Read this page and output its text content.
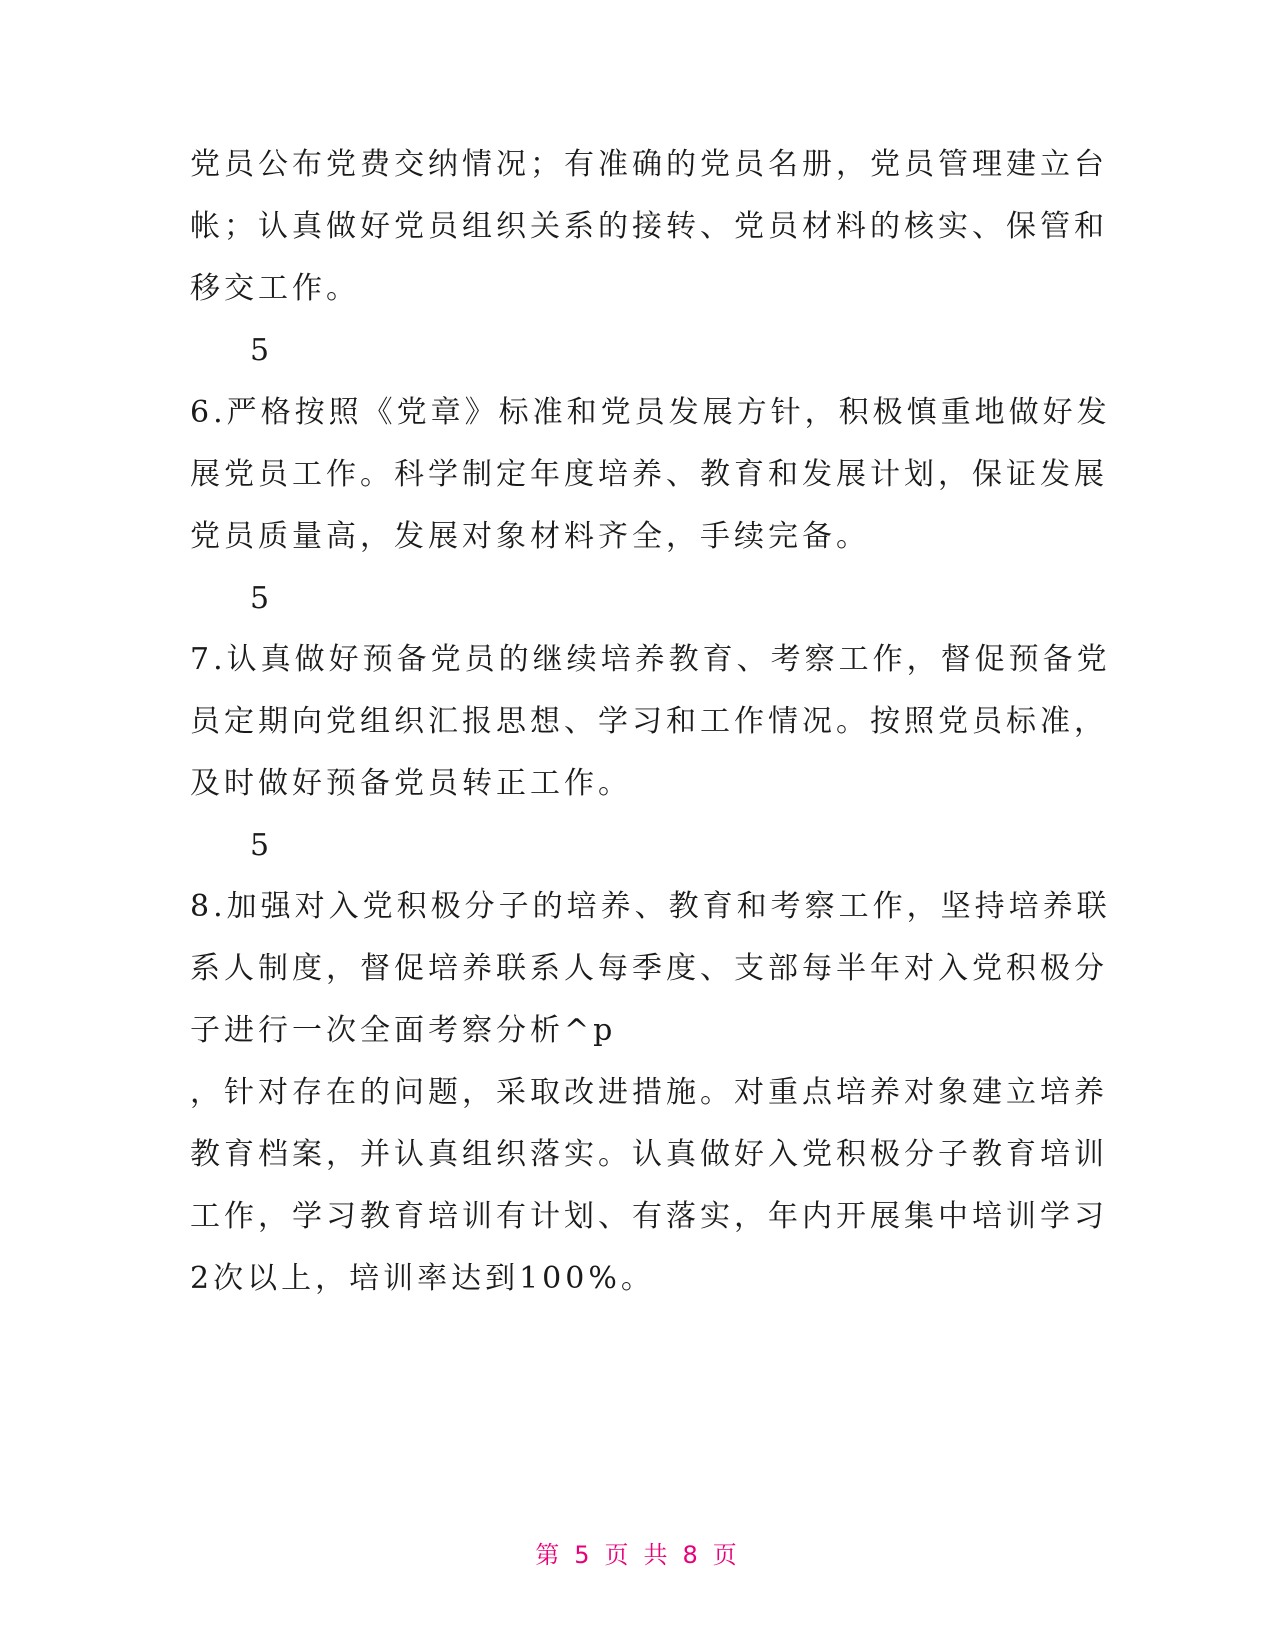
党员公布党费交纳情况；有准确的党员名册，党员管理建立台
帐；认真做好党员组织关系的接转、党员材料的核实、保管和
移交工作。
5
6.严格按照《党章》标准和党员发展方针，积极慎重地做好发
展党员工作。科学制定年度培养、教育和发展计划，保证发展
党员质量高，发展对象材料齐全，手续完备。
5
7.认真做好预备党员的继续培养教育、考察工作，督促预备党
员定期向党组织汇报思想、学习和工作情况。按照党员标准，
及时做好预备党员转正工作。
5
8.加强对入党积极分子的培养、教育和考察工作，坚持培养联
系人制度，督促培养联系人每季度、支部每半年对入党积极分
子进行一次全面考察分析^p
，针对存在的问题，采取改进措施。对重点培养对象建立培养
教育档案，并认真组织落实。认真做好入党积极分子教育培训
工作，学习教育培训有计划、有落实，年内开展集中培训学习
2次以上，培训率达到100%。
第 5 页 共 8 页
